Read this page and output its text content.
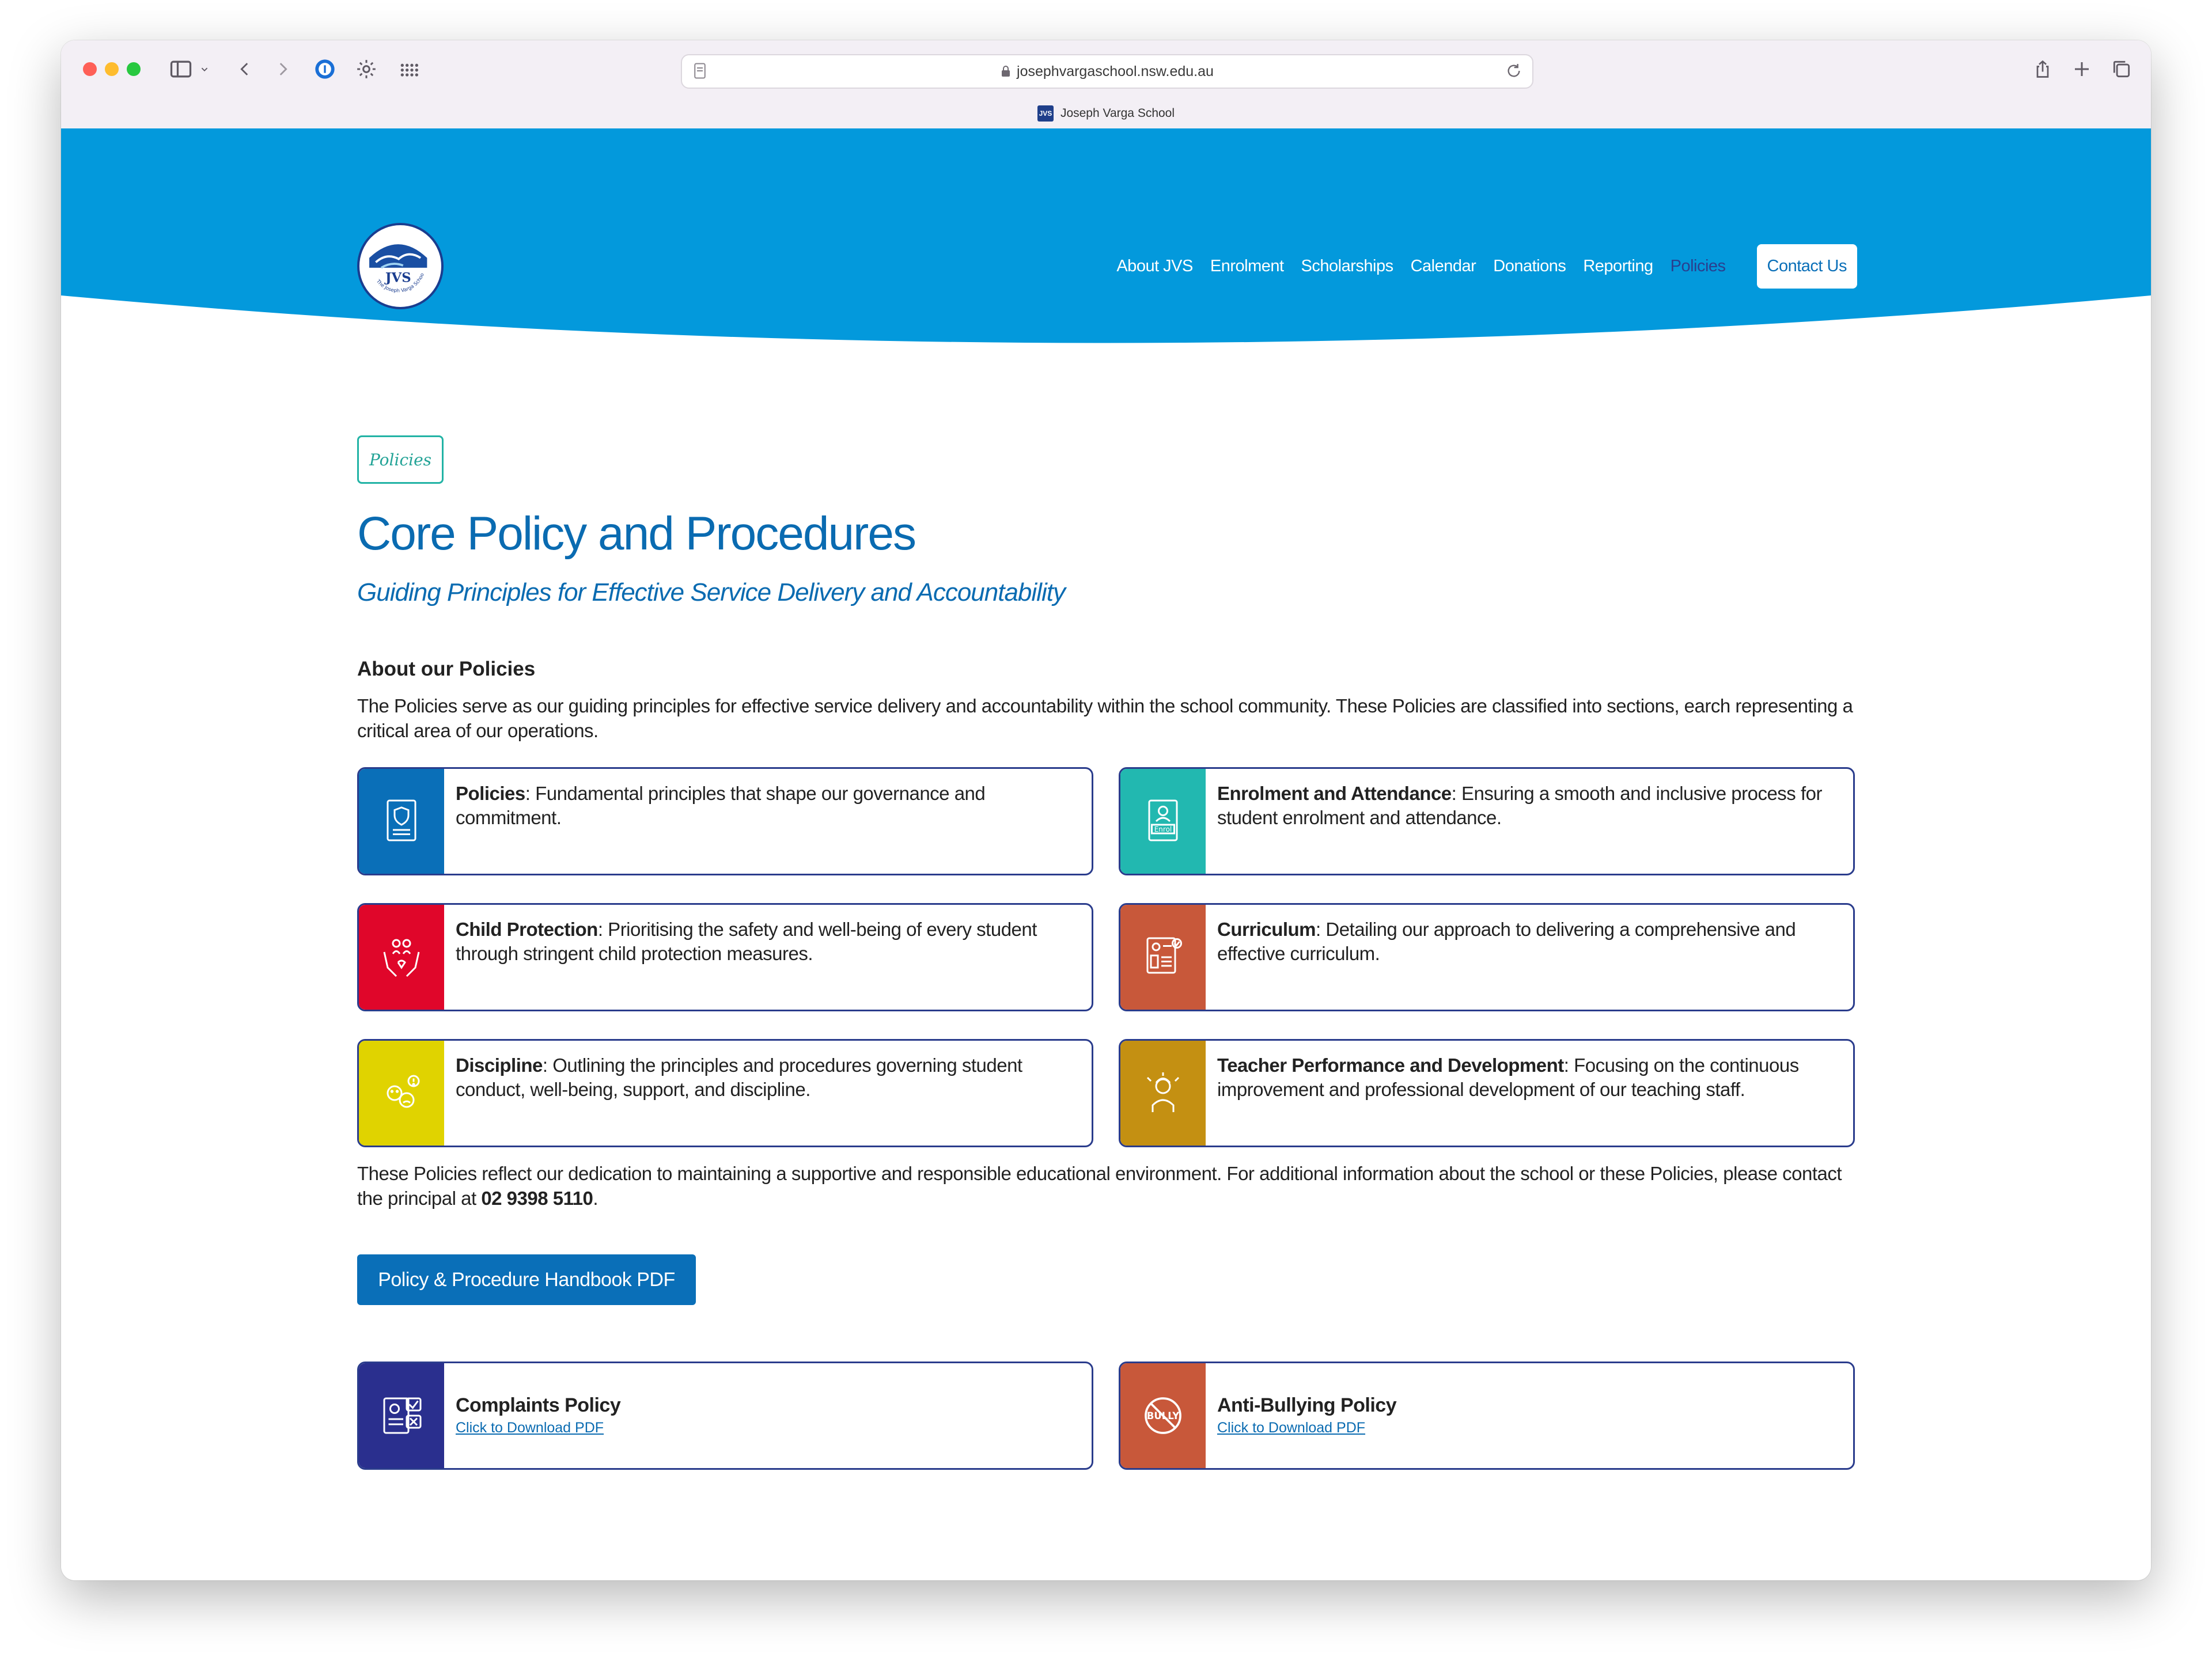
josephvargaschool.nsw.edu.au
JVS Joseph Varga School
JVS
The Joseph Varga Schoo	About JVS Enrolment Scholarships Calendar Donations Reporting Policies	Contact Us
Policies
Core Policy and Procedures
Guiding Principles for Effective Service Delivery and Accountability
About our Policies
The Policies serve as our guiding principles for effective service delivery and accountability within the school community. These Policies are classified into sections, earch representing a critical area of our operations.
Policies: Fundamental principles that shape our governance and commitment.
Enrol
Enrolment and Attendance: Ensuring a smooth and inclusive process for student enrolment and attendance.
Child Protection: Prioritising the safety and well-being of every student through stringent child protection measures.
Curriculum: Detailing our approach to delivering a comprehensive and effective curriculum.
Discipline: Outlining the principles and procedures governing student conduct, well-being, support, and discipline.
Teacher Performance and Development: Focusing on the continuous improvement and professional development of our teaching staff.
These Policies reflect our dedication to maintaining a supportive and responsible educational environment. For additional information about the school or these Policies, please contact the principal at 02 9398 5110.
Policy & Procedure Handbook PDF
Complaints Policy
Click to Download PDF
BULLY Anti-Bullying Policy
Click to Download PDF
